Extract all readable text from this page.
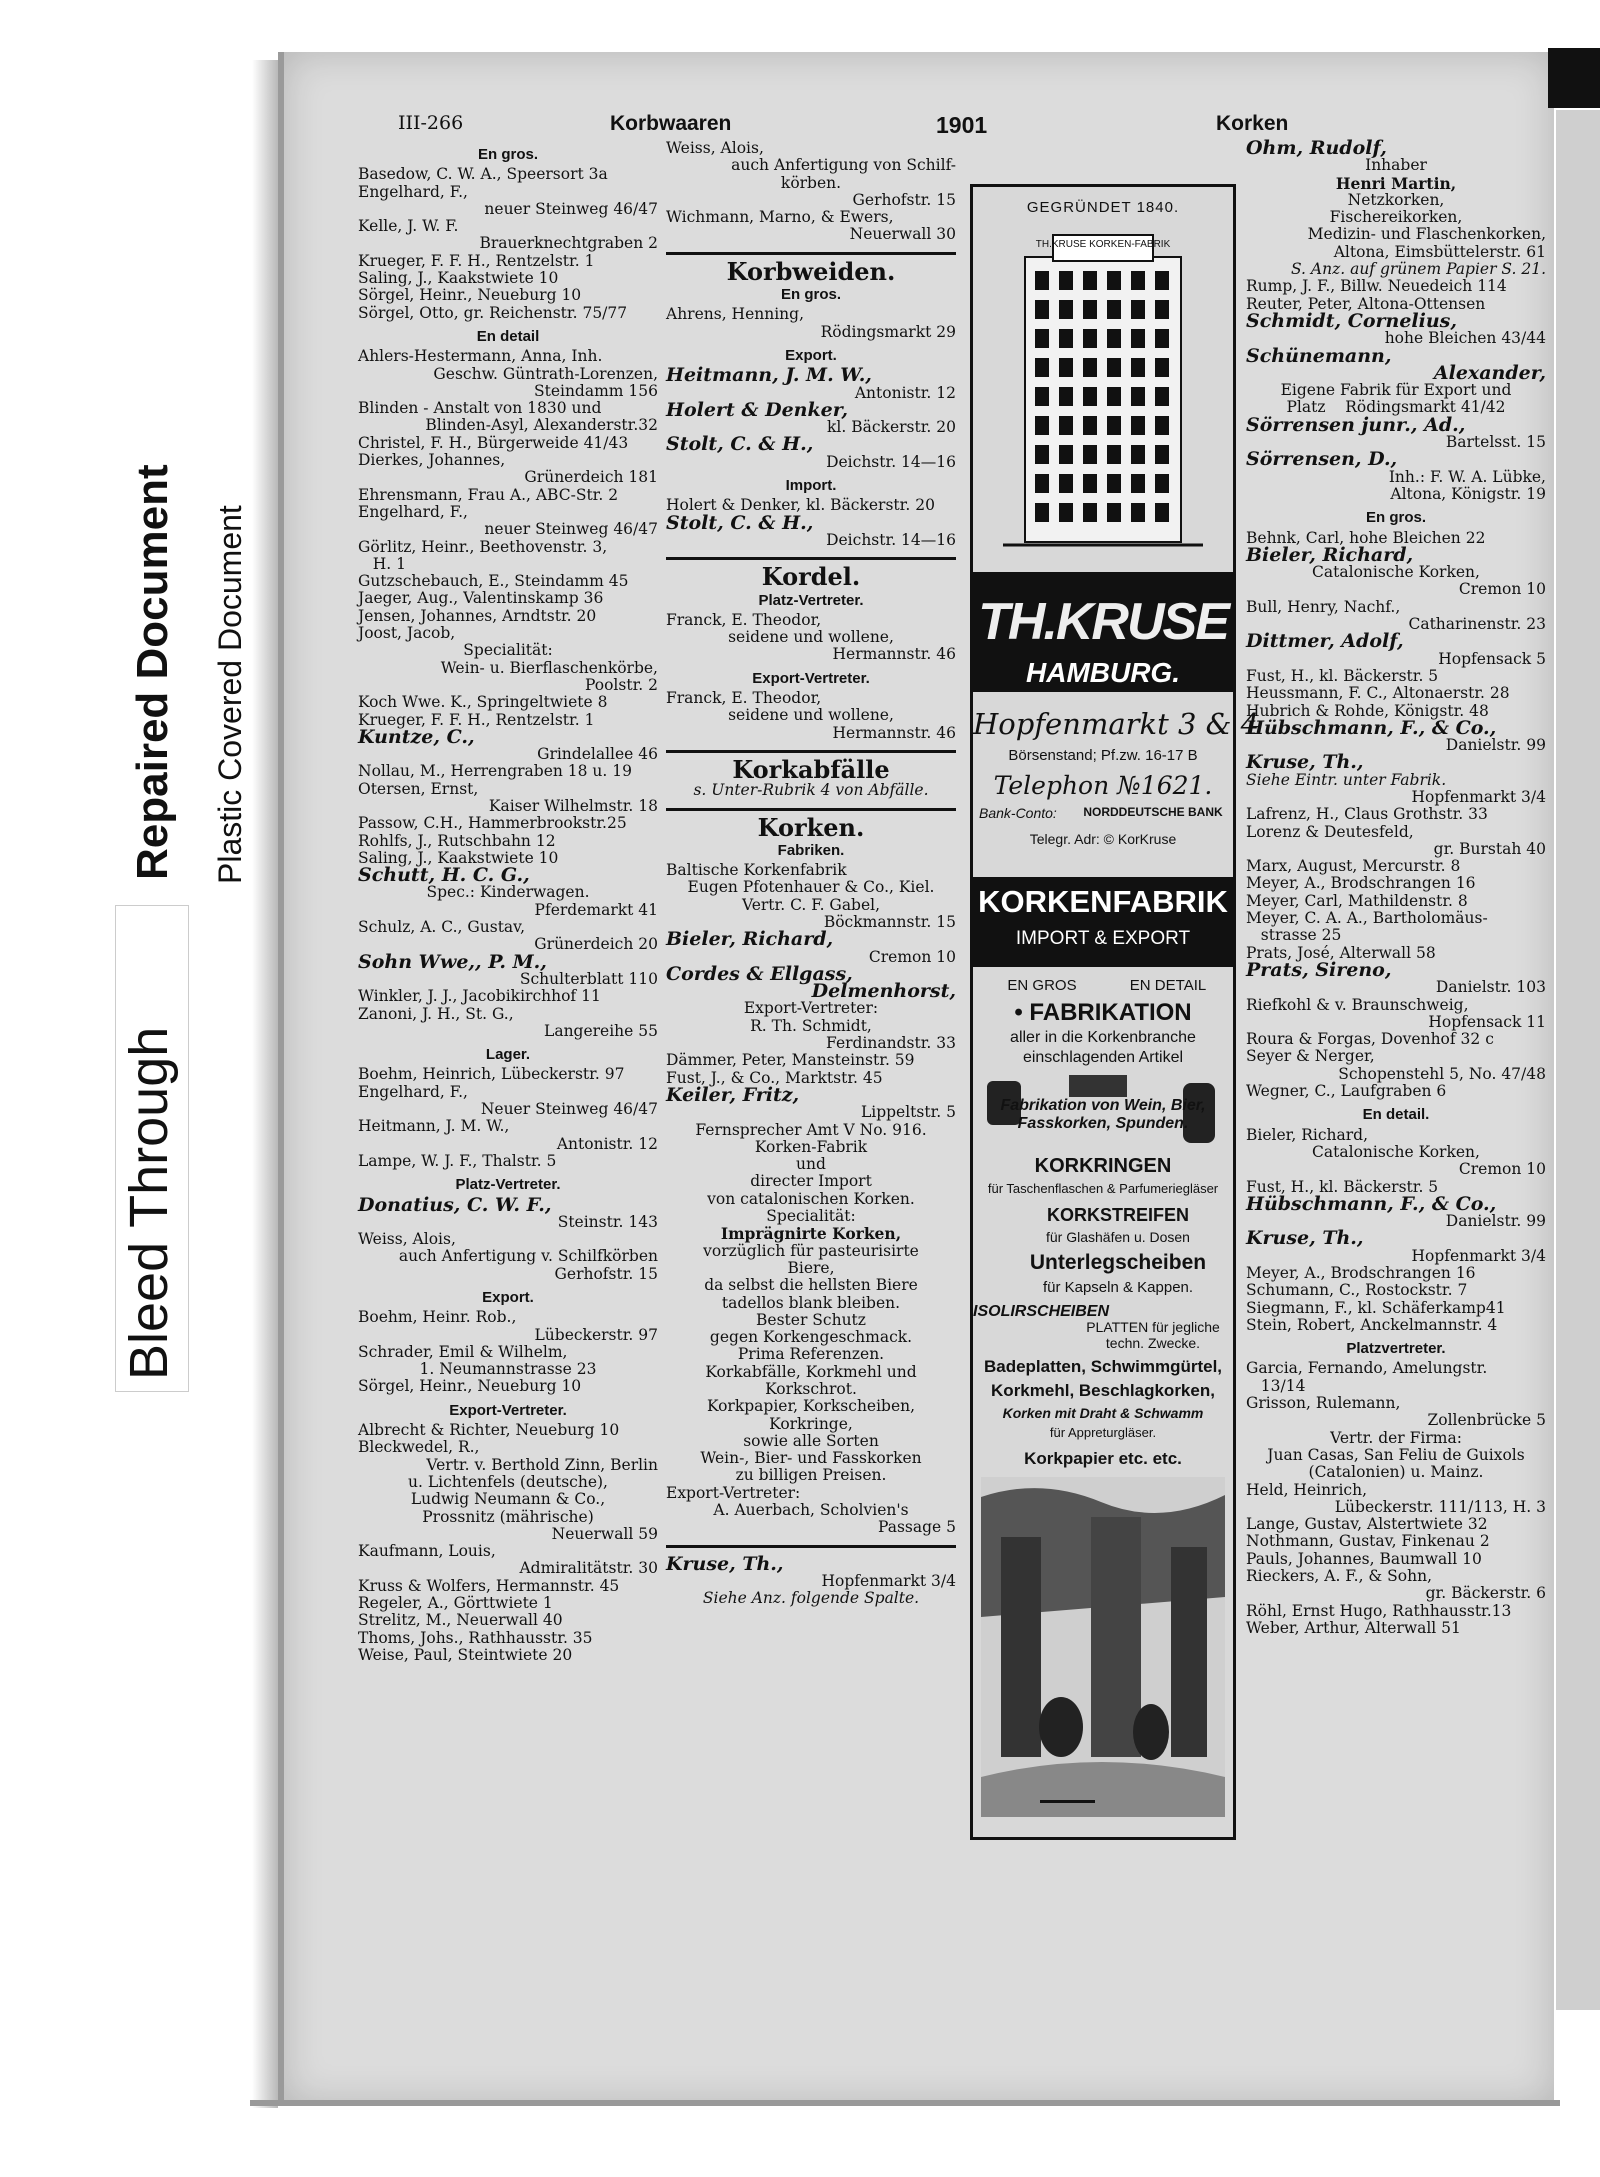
Bleed Through
Repaired Document Plastic Covered Document
III-266	Korbwaaren	1901	Korken
En gros.

Basedow, C. W. A., Speersort 3a

Engelhard, F.,

neuer Steinweg 46/47

Kelle, J. W. F.

Brauerknechtgraben 2

Krueger, F. F. H., Rentzelstr. 1

Saling, J., Kaakstwiete 10

Sörgel, Heinr., Neueburg 10

Sörgel, Otto, gr. Reichenstr. 75/77

En detail

Ahlers-Hestermann, Anna, Inh.

Geschw. Güntrath-Lorenzen,

Steindamm 156

Blinden - Anstalt von 1830 und

Blinden-Asyl, Alexanderstr.32

Christel, F. H., Bürgerweide 41/43

Dierkes, Johannes,

Grünerdeich 181

Ehrensmann, Frau A., ABC-Str. 2

Engelhard, F.,

neuer Steinweg 46/47

Görlitz, Heinr., Beethovenstr. 3,

H. 1

Gutzschebauch, E., Steindamm 45

Jaeger, Aug., Valentinskamp 36

Jensen, Johannes, Arndtstr. 20

Joost, Jacob,

Specialität:

Wein- u. Bierflaschenkörbe,

Poolstr. 2

Koch Wwe. K., Springeltwiete 8

Krueger, F. F. H., Rentzelstr. 1

Kuntze, C.,

Grindelallee 46

Nollau, M., Herrengraben 18 u. 19

Otersen, Ernst,

Kaiser Wilhelmstr. 18

Passow, C.H., Hammerbrookstr.25

Rohlfs, J., Rutschbahn 12

Saling, J., Kaakstwiete 10

Schutt, H. C. G.,

Spec.: Kinderwagen.

Pferdemarkt 41

Schulz, A. C., Gustav,

Grünerdeich 20

Sohn Wwe,, P. M.,

Schulterblatt 110

Winkler, J. J., Jacobikirchhof 11

Zanoni, J. H., St. G.,

Langereihe 55

Lager.

Boehm, Heinrich, Lübeckerstr. 97

Engelhard, F.,

Neuer Steinweg 46/47

Heitmann, J. M. W.,

Antonistr. 12

Lampe, W. J. F., Thalstr. 5

Platz-Vertreter.

Donatius, C. W. F.,

Steinstr. 143

Weiss, Alois,

auch Anfertigung v. Schilfkörben

Gerhofstr. 15

Export.

Boehm, Heinr. Rob.,

Lübeckerstr. 97

Schrader, Emil & Wilhelm,

1. Neumannstrasse 23

Sörgel, Heinr., Neueburg 10

Export-Vertreter.

Albrecht & Richter, Neueburg 10

Bleckwedel, R.,

Vertr. v. Berthold Zinn, Berlin

u. Lichtenfels (deutsche),

Ludwig Neumann & Co.,

Prossnitz (mährische)

Neuerwall 59

Kaufmann, Louis,

Admiralitätstr. 30

Kruss & Wolfers, Hermannstr. 45

Regeler, A., Görttwiete 1

Strelitz, M., Neuerwall 40

Thoms, Johs., Rathhausstr. 35

Weise, Paul, Steintwiete 20

Weiss, Alois,

auch Anfertigung von Schilf-

körben.

Gerhofstr. 15

Wichmann, Marno, & Ewers,

Neuerwall 30

Korbweiden.
En gros.

Ahrens, Henning,

Rödingsmarkt 29

Export.

Heitmann, J. M. W.,

Antonistr. 12

Holert & Denker,

kl. Bäckerstr. 20

Stolt, C. & H.,

Deichstr. 14—16

Import.

Holert & Denker, kl. Bäckerstr. 20

Stolt, C. & H.,

Deichstr. 14—16

Kordel.
Platz-Vertreter.

Franck, E. Theodor,

seidene und wollene,

Hermannstr. 46

Export-Vertreter.

Franck, E. Theodor,

seidene und wollene,

Hermannstr. 46

Korkabfälle

s. Unter-Rubrik 4 von Abfälle.

Korken.
Fabriken.

Baltische Korkenfabrik

Eugen Pfotenhauer & Co., Kiel.

Vertr. C. F. Gabel,

Böckmannstr. 15

Bieler, Richard,

Cremon 10

Cordes & Ellgass,

Delmenhorst,

Export-Vertreter:

R. Th. Schmidt,

Ferdinandstr. 33

Dämmer, Peter, Mansteinstr. 59

Fust, J., & Co., Marktstr. 45

Keiler, Fritz,

Lippeltstr. 5

Fernsprecher Amt V No. 916.

Korken-Fabrik

und

directer Import

von catalonischen Korken.

Specialität:

Imprägnirte Korken,

vorzüglich für pasteurisirte

Biere,

da selbst die hellsten Biere

tadellos blank bleiben.

Bester Schutz

gegen Korkengeschmack.

Prima Referenzen.

Korkabfälle, Korkmehl und

Korkschrot.

Korkpapier, Korkscheiben,

Korkringe,

sowie alle Sorten

Wein-, Bier- und Fasskorken

zu billigen Preisen.

Export-Vertreter:

A. Auerbach, Scholvien's

Passage 5

Kruse, Th.,

Hopfenmarkt 3/4

Siehe Anz. folgende Spalte.

Ohm, Rudolf,

Inhaber

Henri Martin,

Netzkorken,

Fischereikorken,

Medizin- und Flaschenkorken,

Altona, Eimsbüttelerstr. 61

S. Anz. auf grünem Papier S. 21.

Rump, J. F., Billw. Neuedeich 114

Reuter, Peter, Altona-Ottensen

Schmidt, Cornelius,

hohe Bleichen 43/44

Schünemann,

Alexander,

Eigene Fabrik für Export und

Platz    Rödingsmarkt 41/42

Sörrensen junr., Ad.,

Bartelsst. 15

Sörrensen, D.,

Inh.: F. W. A. Lübke,

Altona, Königstr. 19

En gros.

Behnk, Carl, hohe Bleichen 22

Bieler, Richard,

Catalonische Korken,

Cremon 10

Bull, Henry, Nachf.,

Catharinenstr. 23

Dittmer, Adolf,

Hopfensack 5

Fust, H., kl. Bäckerstr. 5

Heussmann, F. C., Altonaerstr. 28

Hubrich & Rohde, Königstr. 48

Hübschmann, F., & Co.,

Danielstr. 99

Kruse, Th.,

Siehe Eintr. unter Fabrik.

Hopfenmarkt 3/4

Lafrenz, H., Claus Grothstr. 33

Lorenz & Deutesfeld,

gr. Burstah 40

Marx, August, Mercurstr. 8

Meyer, A., Brodschrangen 16

Meyer, Carl, Mathildenstr. 8

Meyer, C. A. A., Bartholomäus-

strasse 25

Prats, José, Alterwall 58

Prats, Sireno,

Danielstr. 103

Riefkohl & v. Braunschweig,

Hopfensack 11

Roura & Forgas, Dovenhof 32 c

Seyer & Nerger,

Schopenstehl 5, No. 47/48

Wegner, C., Laufgraben 6

En detail.

Bieler, Richard,

Catalonische Korken,

Cremon 10

Fust, H., kl. Bäckerstr. 5

Hübschmann, F., & Co.,

Danielstr. 99

Kruse, Th.,

Hopfenmarkt 3/4

Meyer, A., Brodschrangen 16

Schumann, C., Rostockstr. 7

Siegmann, F., kl. Schäferkamp41

Stein, Robert, Anckelmannstr. 4

Platzvertreter.

Garcia, Fernando, Amelungstr.

13/14

Grisson, Rulemann,

Zollenbrücke 5

Vertr. der Firma:

Juan Casas, San Feliu de Guixols

(Catalonien) u. Mainz.

Held, Heinrich,

Lübeckerstr. 111/113, H. 3

Lange, Gustav, Alstertwiete 32

Nothmann, Gustav, Finkenau 2

Pauls, Johannes, Baumwall 10

Rieckers, A. F., & Sohn,

gr. Bäckerstr. 6

Röhl, Ernst Hugo, Rathhausstr.13

Weber, Arthur, Alterwall 51

GEGRÜNDET 1840.
TH.KRUSE KORKEN-FABRIK
TH.KRUSE
HAMBURG.
Hopfenmarkt 3 & 4
Börsenstand; Pf.zw. 16-17 B
Telephon №1621.
Bank-Conto:	NORDDEUTSCHE BANK
Telegr. Adr: © KorKruse
KORKENFABRIK
IMPORT & EXPORT
EN GROS	EN DETAIL
• FABRIKATION
aller in die Korkenbranche
einschlagenden Artikel
Fabrikation von Wein, Bier, Fasskorken, Spunden.
KORKRINGEN
für Taschenflaschen & Parfumeriegläser
KORKSTREIFEN
für Glashäfen u. Dosen
Unterlegscheiben
für Kapseln & Kappen.
ISOLIRSCHEIBEN
PLATTEN für jegliche techn. Zwecke.
Badeplatten, Schwimmgürtel,
Korkmehl, Beschlagkorken,
Korken mit Draht & Schwamm
für Appreturgläser.
Korkpapier etc. etc.
